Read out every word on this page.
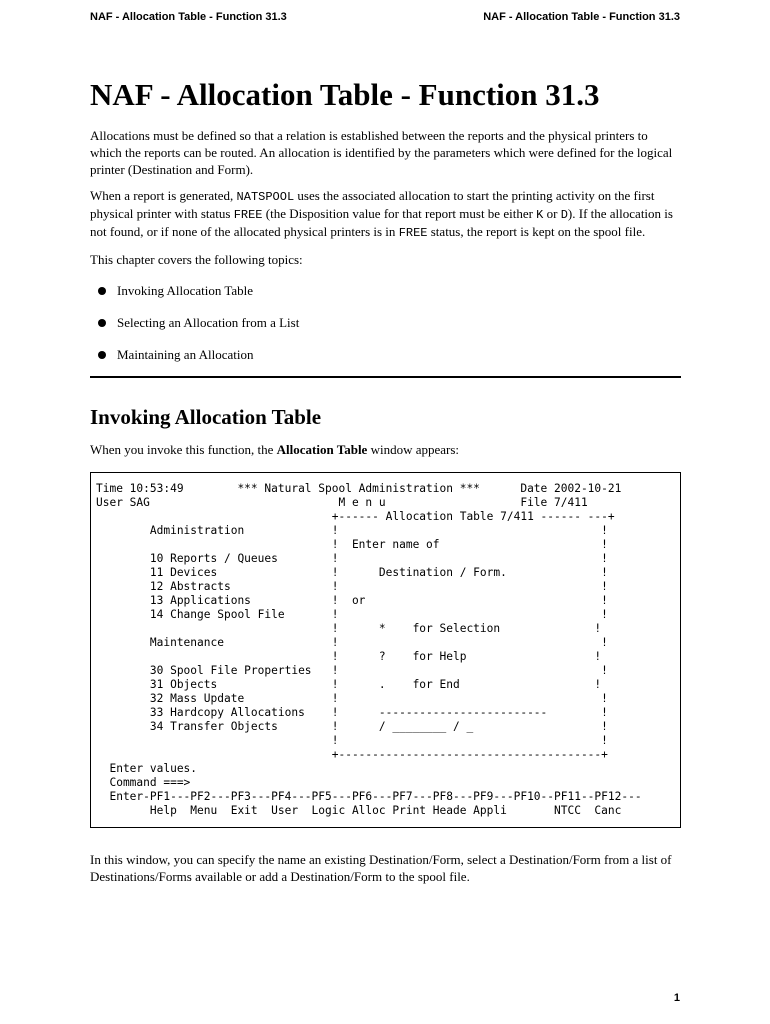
NAF - Allocation Table - Function 31.3	NAF - Allocation Table - Function 31.3
NAF - Allocation Table - Function 31.3

Allocations must be defined so that a relation is established between the reports and the physical printers to which the reports can be routed. An allocation is identified by the parameters which were defined for the logical printer (Destination and Form).

When a report is generated, NATSPOOL uses the associated allocation to start the printing activity on the first physical printer with status FREE (the Disposition value for that report must be either K or D). If the allocation is not found, or if none of the allocated physical printers is in FREE status, the report is kept on the spool file.

This chapter covers the following topics:

Invoking Allocation Table
Selecting an Allocation from a List
Maintaining an Allocation
Invoking Allocation Table

When you invoke this function, the Allocation Table window appears:

Time 10:53:49        *** Natural Spool Administration ***      Date 2002-10-21
User SAG                            M e n u                    File 7/411
+------ Allocation Table 7/411 ------ ---+
Administration             !                                       !
!  Enter name of                        !
10 Reports / Queues        !                                       !
11 Devices                 !      Destination / Form.              !
12 Abstracts               !                                       !
13 Applications            !  or                                   !
14 Change Spool File       !                                       !
!      *    for Selection              !
Maintenance                !                                       !
!      ?    for Help                   !
30 Spool File Properties   !                                       !
31 Objects                 !      .    for End                    !
32 Mass Update             !                                       !
33 Hardcopy Allocations    !      -------------------------        !
34 Transfer Objects        !      / ________ / _                   !
!                                       !
+---------------------------------------+
Enter values.
Command ===>
Enter-PF1---PF2---PF3---PF4---PF5---PF6---PF7---PF8---PF9---PF10--PF11--PF12---
Help  Menu  Exit  User  Logic Alloc Print Heade Appli       NTCC  Canc

In this window, you can specify the name an existing Destination/Form, select a Destination/Form from a list of Destinations/Forms available or add a Destination/Form to the spool file.

1
